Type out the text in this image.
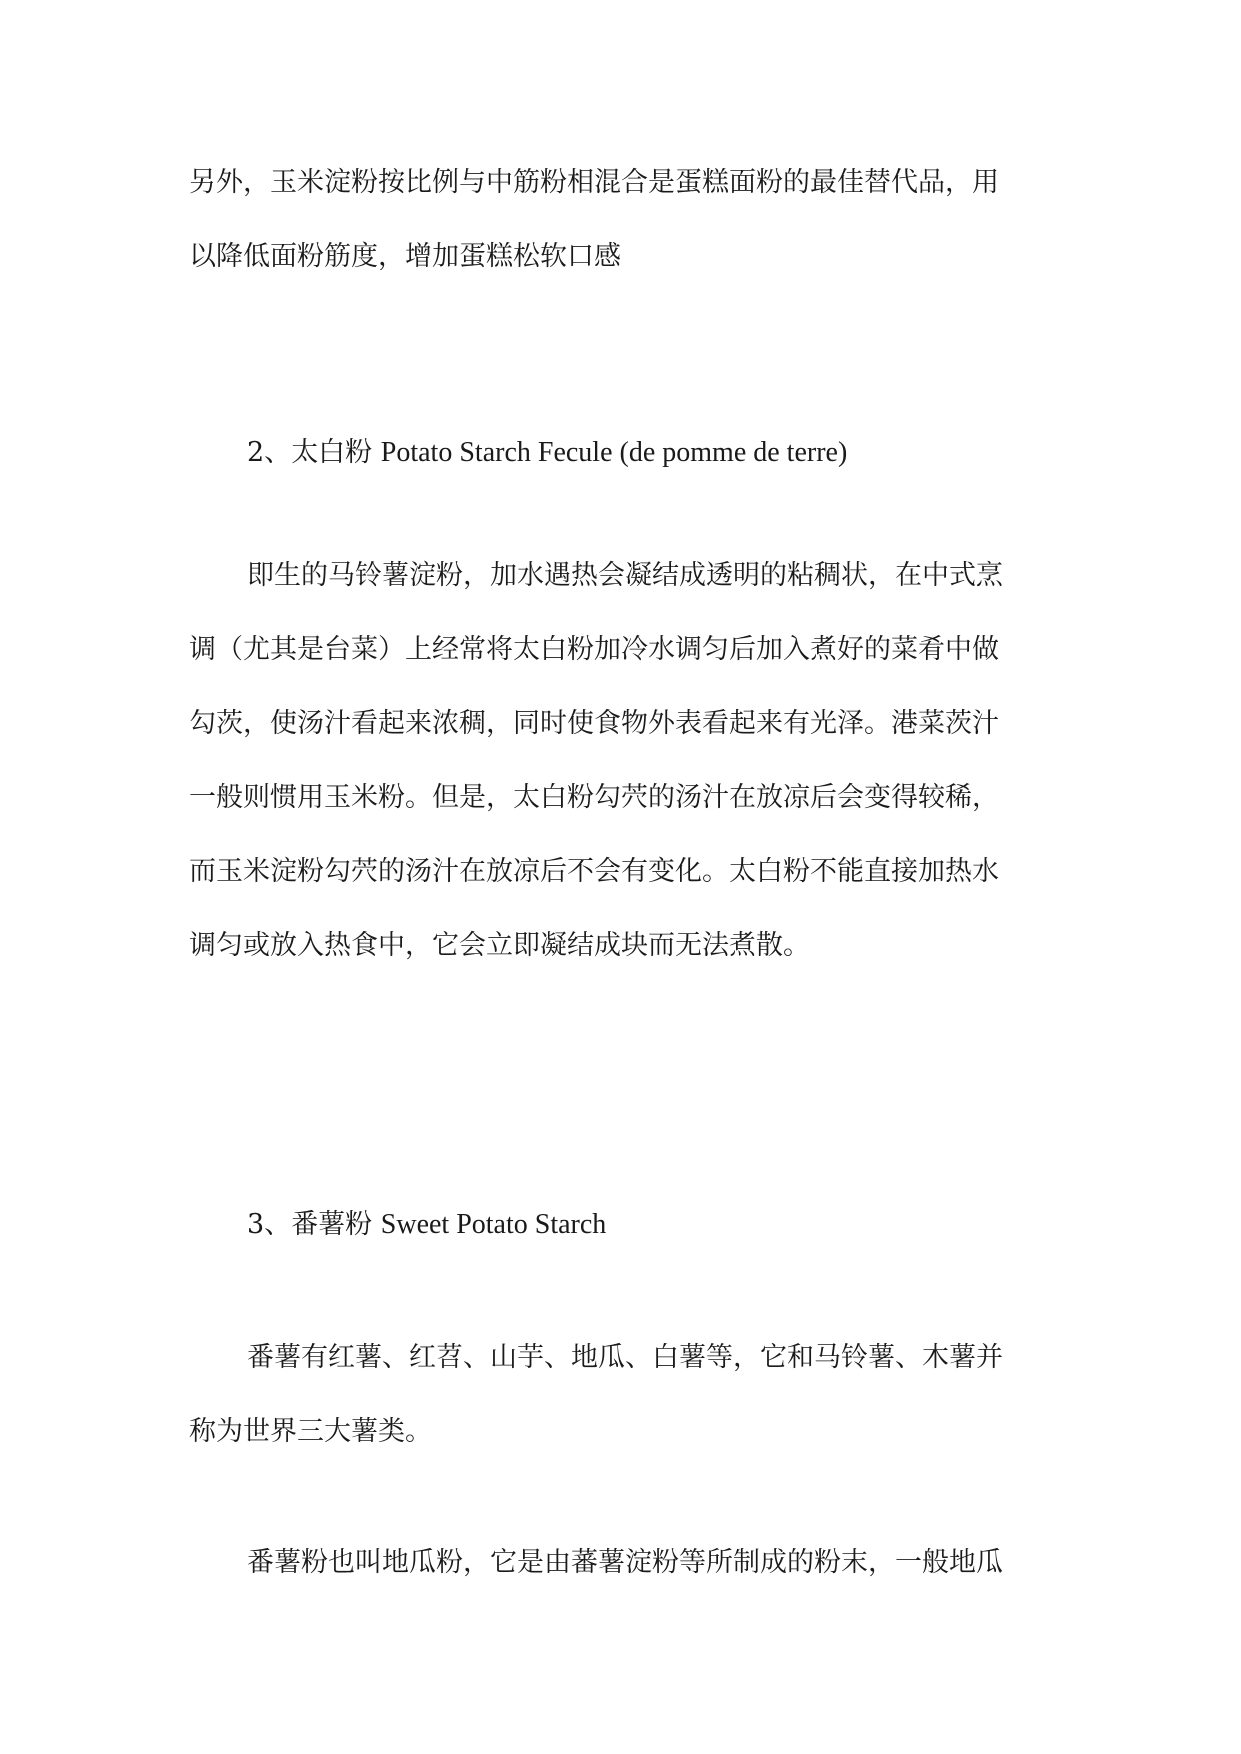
另外，玉米淀粉按比例与中筋粉相混合是蛋糕面粉的最佳替代品，用
以降低面粉筋度，增加蛋糕松软口感
2、太白粉 Potato Starch Fecule (de pomme de terre)
即生的马铃薯淀粉，加水遇热会凝结成透明的粘稠状，在中式烹
调（尤其是台菜）上经常将太白粉加冷水调匀后加入煮好的菜肴中做
勾茨，使汤汁看起来浓稠，同时使食物外表看起来有光泽。港菜茨汁
一般则惯用玉米粉。但是，太白粉勾茓的汤汁在放凉后会变得较稀，
而玉米淀粉勾茓的汤汁在放凉后不会有变化。太白粉不能直接加热水
调匀或放入热食中，它会立即凝结成块而无法煮散。
3、番薯粉 Sweet Potato Starch
番薯有红薯、红苕、山芋、地瓜、白薯等，它和马铃薯、木薯并
称为世界三大薯类。
番薯粉也叫地瓜粉，它是由蕃薯淀粉等所制成的粉末，一般地瓜
